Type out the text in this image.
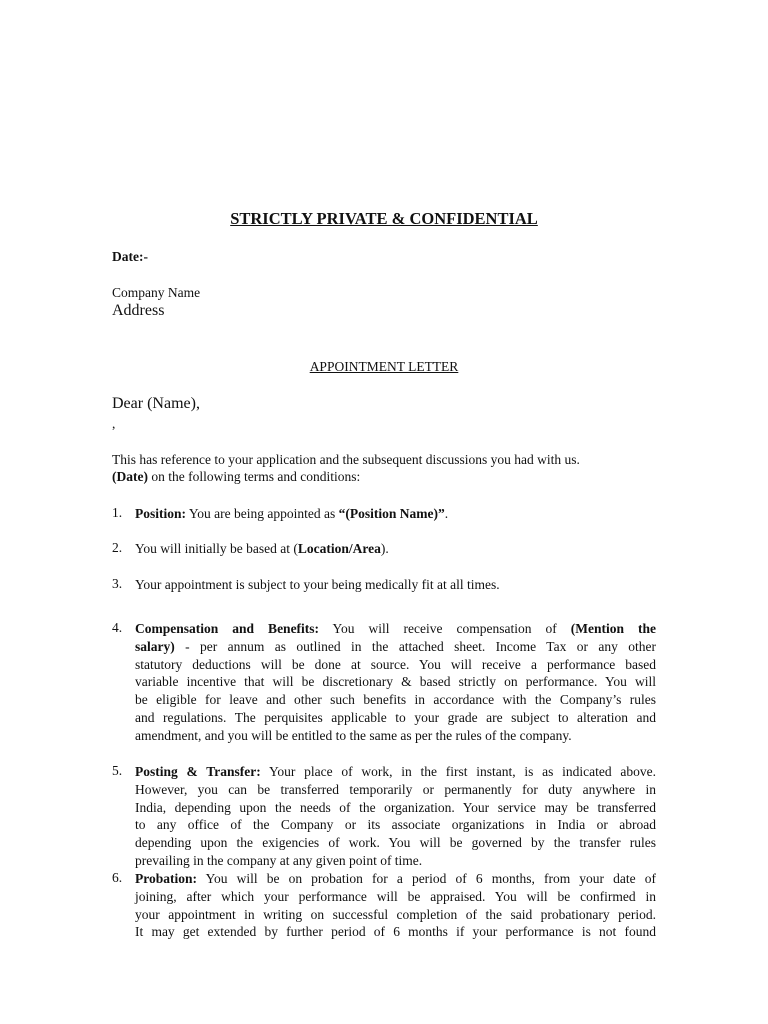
STRICTLY PRIVATE & CONFIDENTIAL
Date:-
Company Name
Address
APPOINTMENT LETTER
Dear (Name),
,
This has reference to your application and the subsequent discussions you had with us.
(Date) on the following terms and conditions:
1. Position: You are being appointed as “(Position Name)”.
2. You will initially be based at (Location/Area).
3. Your appointment is subject to your being medically fit at all times.
4. Compensation and Benefits: You will receive compensation of (Mention the
salary) - per annum as outlined in the attached sheet. Income Tax or any other
statutory deductions will be done at source. You will receive a performance based
variable incentive that will be discretionary & based strictly on performance. You will
be eligible for leave and other such benefits in accordance with the Company’s rules
and regulations. The perquisites applicable to your grade are subject to alteration and
amendment, and you will be entitled to the same as per the rules of the company.
5. Posting & Transfer: Your place of work, in the first instant, is as indicated above.
However, you can be transferred temporarily or permanently for duty anywhere in
India, depending upon the needs of the organization. Your service may be transferred
to any office of the Company or its associate organizations in India or abroad
depending upon the exigencies of work. You will be governed by the transfer rules
prevailing in the company at any given point of time.
6. Probation: You will be on probation for a period of 6 months, from your date of
joining, after which your performance will be appraised. You will be confirmed in
your appointment in writing on successful completion of the said probationary period.
It may get extended by further period of 6 months if your performance is not found
